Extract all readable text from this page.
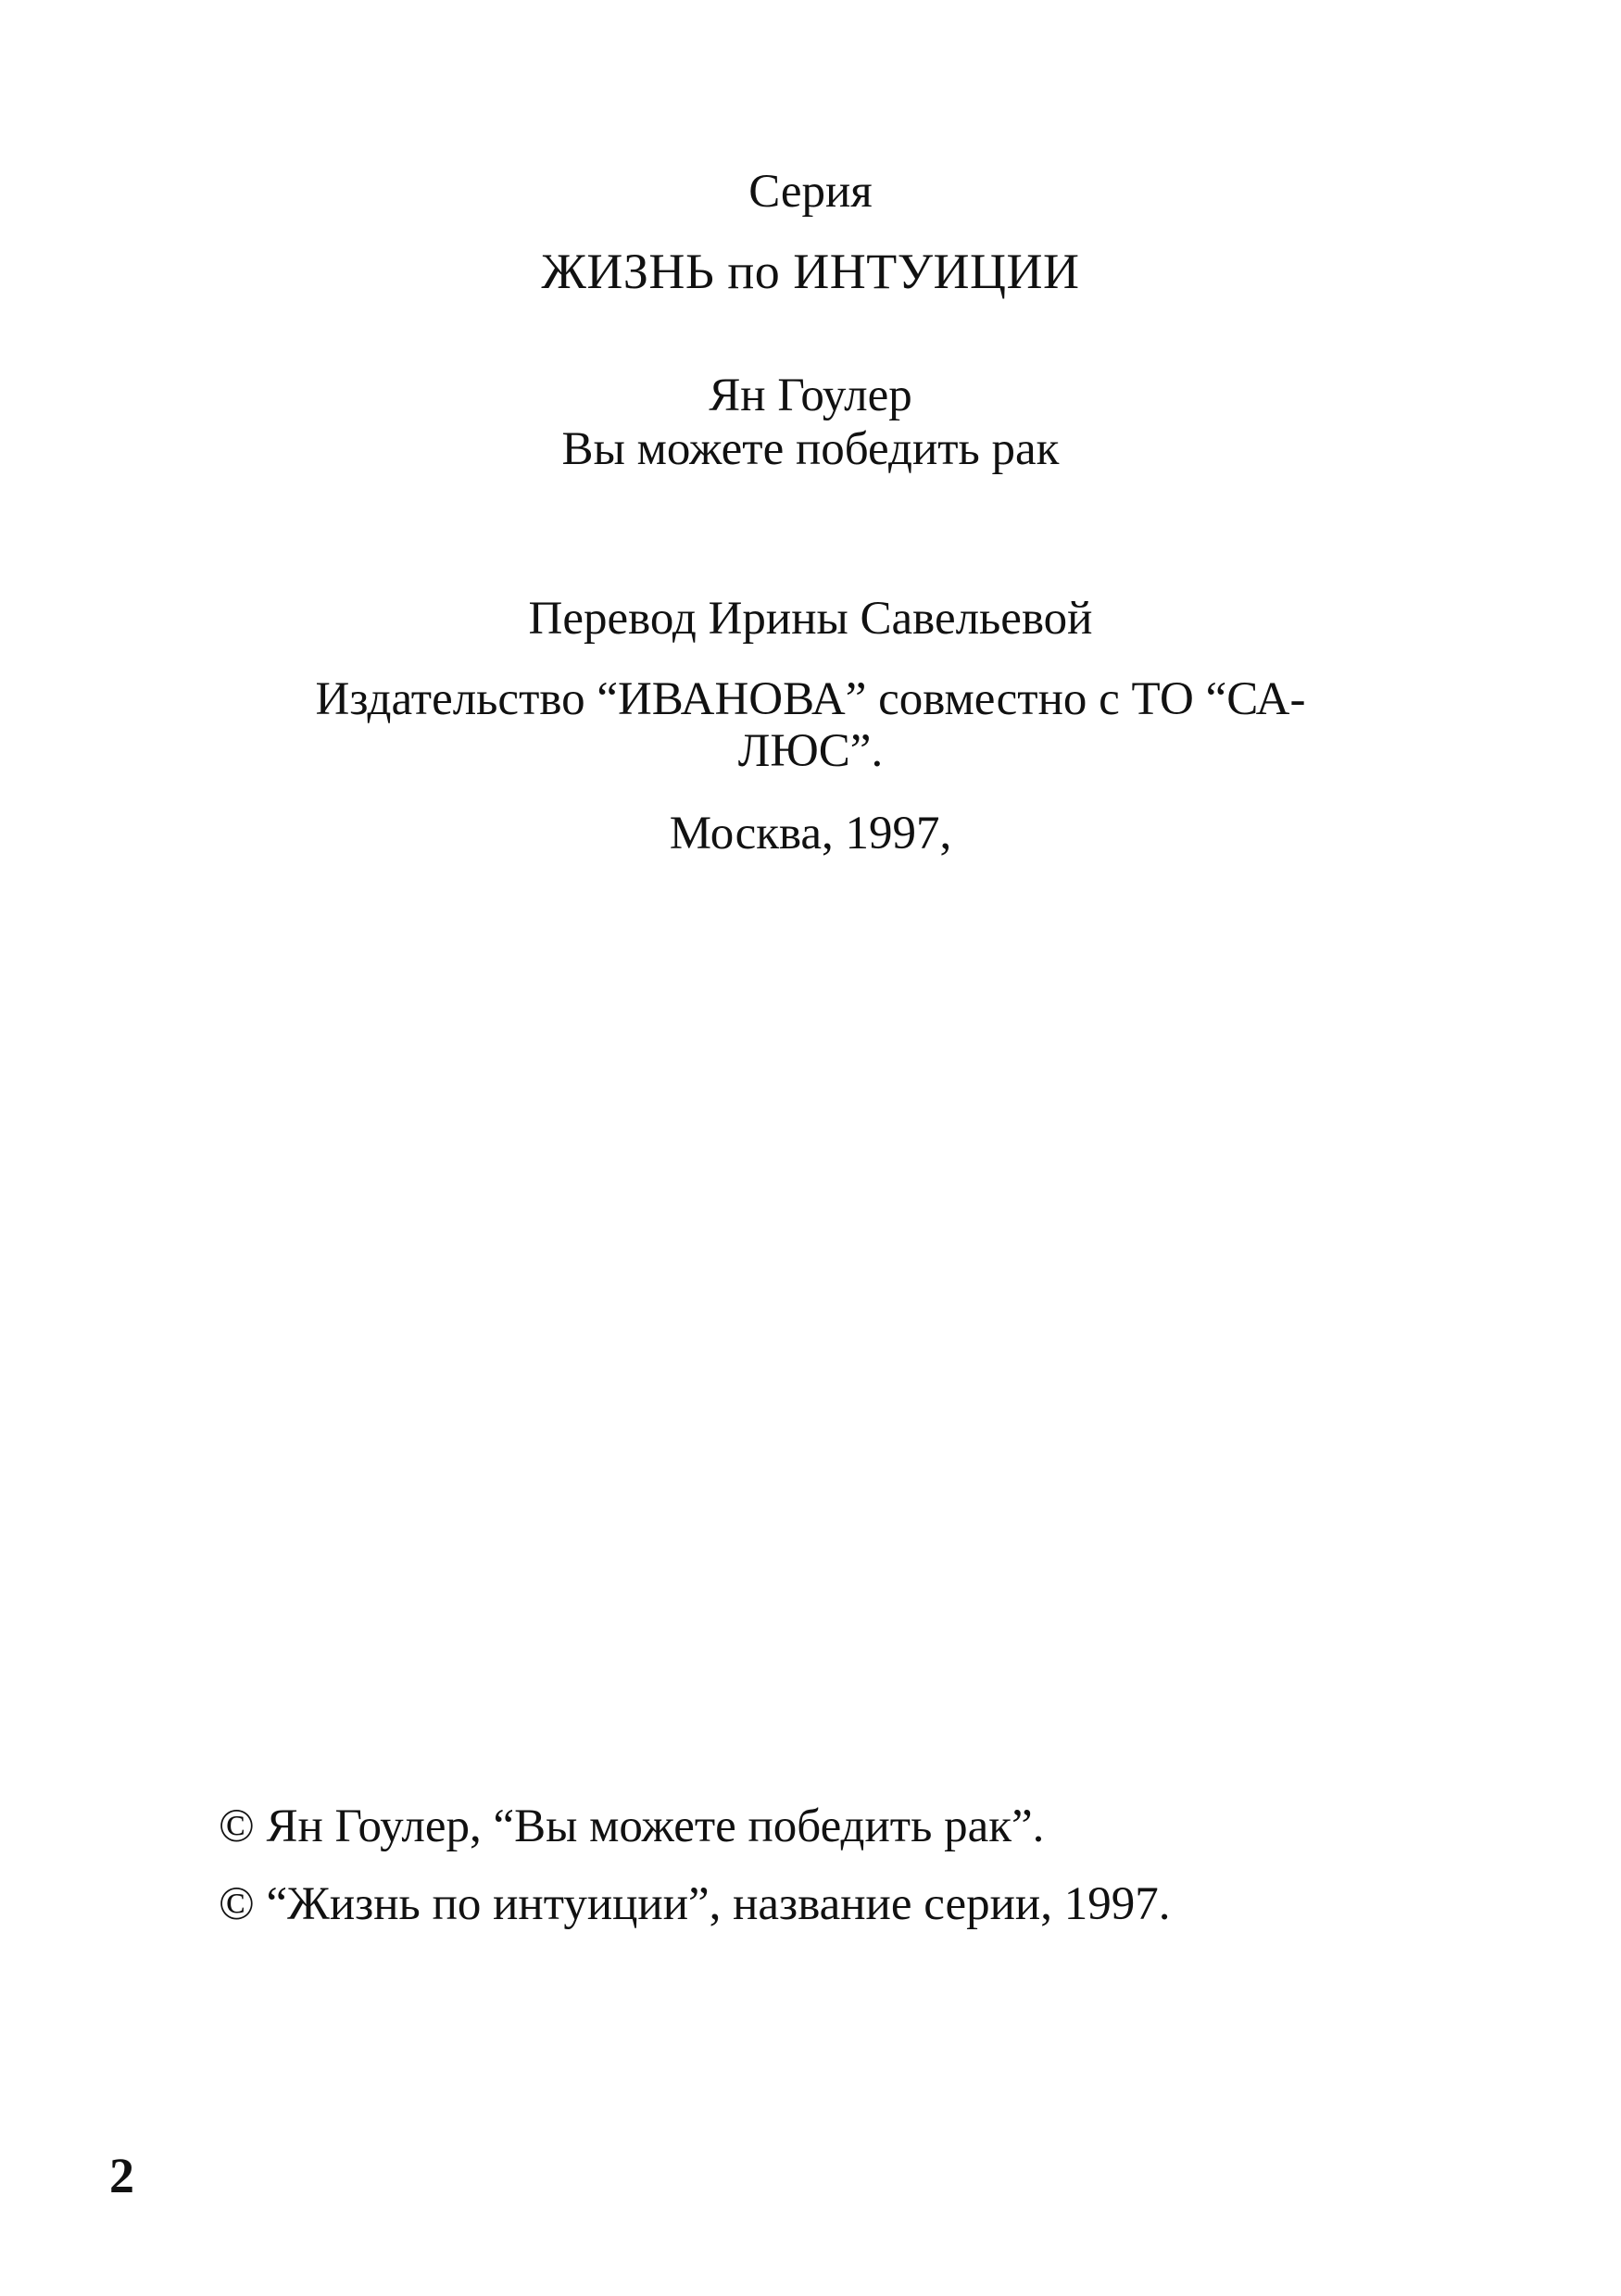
Серия
ЖИЗНЬ по ИНТУИЦИИ
Ян Гоулер
Вы можете победить рак
Перевод Ирины Савельевой
Издательство “ИВАНОВА” совместно с ТО “СА-
ЛЮС”.
Москва, 1997,
© Ян Гоулер, “Вы можете победить рак”.
© “Жизнь по интуиции”, название серии, 1997.
2
